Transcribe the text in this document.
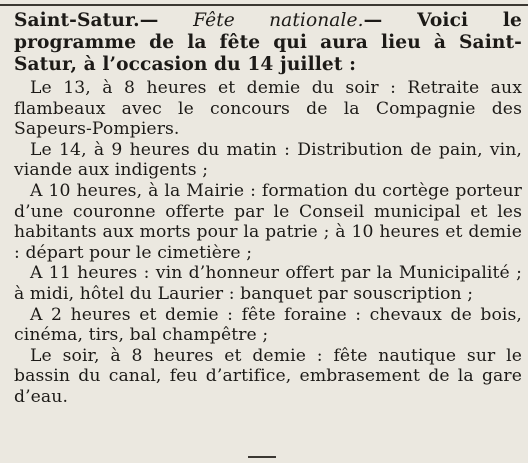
Saint-Satur.— Fête nationale.— Voici le programme de la fête qui aura lieu à Saint-Satur, à l’occasion du 14 juillet :

Le 13, à 8 heures et demie du soir : Retraite aux flambeaux avec le concours de la Compagnie des Sapeurs-Pompiers.

Le 14, à 9 heures du matin : Distribution de pain, vin, viande aux indigents ;

A 10 heures, à la Mairie : formation du cortège porteur d’une couronne offerte par le Conseil municipal et les habitants aux morts pour la patrie ; à 10 heures et demie : départ pour le cimetière ;

A 11 heures : vin d’honneur offert par la Municipalité ; à midi, hôtel du Laurier : banquet par souscription ;

A 2 heures et demie : fête foraine : chevaux de bois, cinéma, tirs, bal champêtre ;

Le soir, à 8 heures et demie : fête nautique sur le bassin du canal, feu d’artifice, embrasement de la gare d’eau.
